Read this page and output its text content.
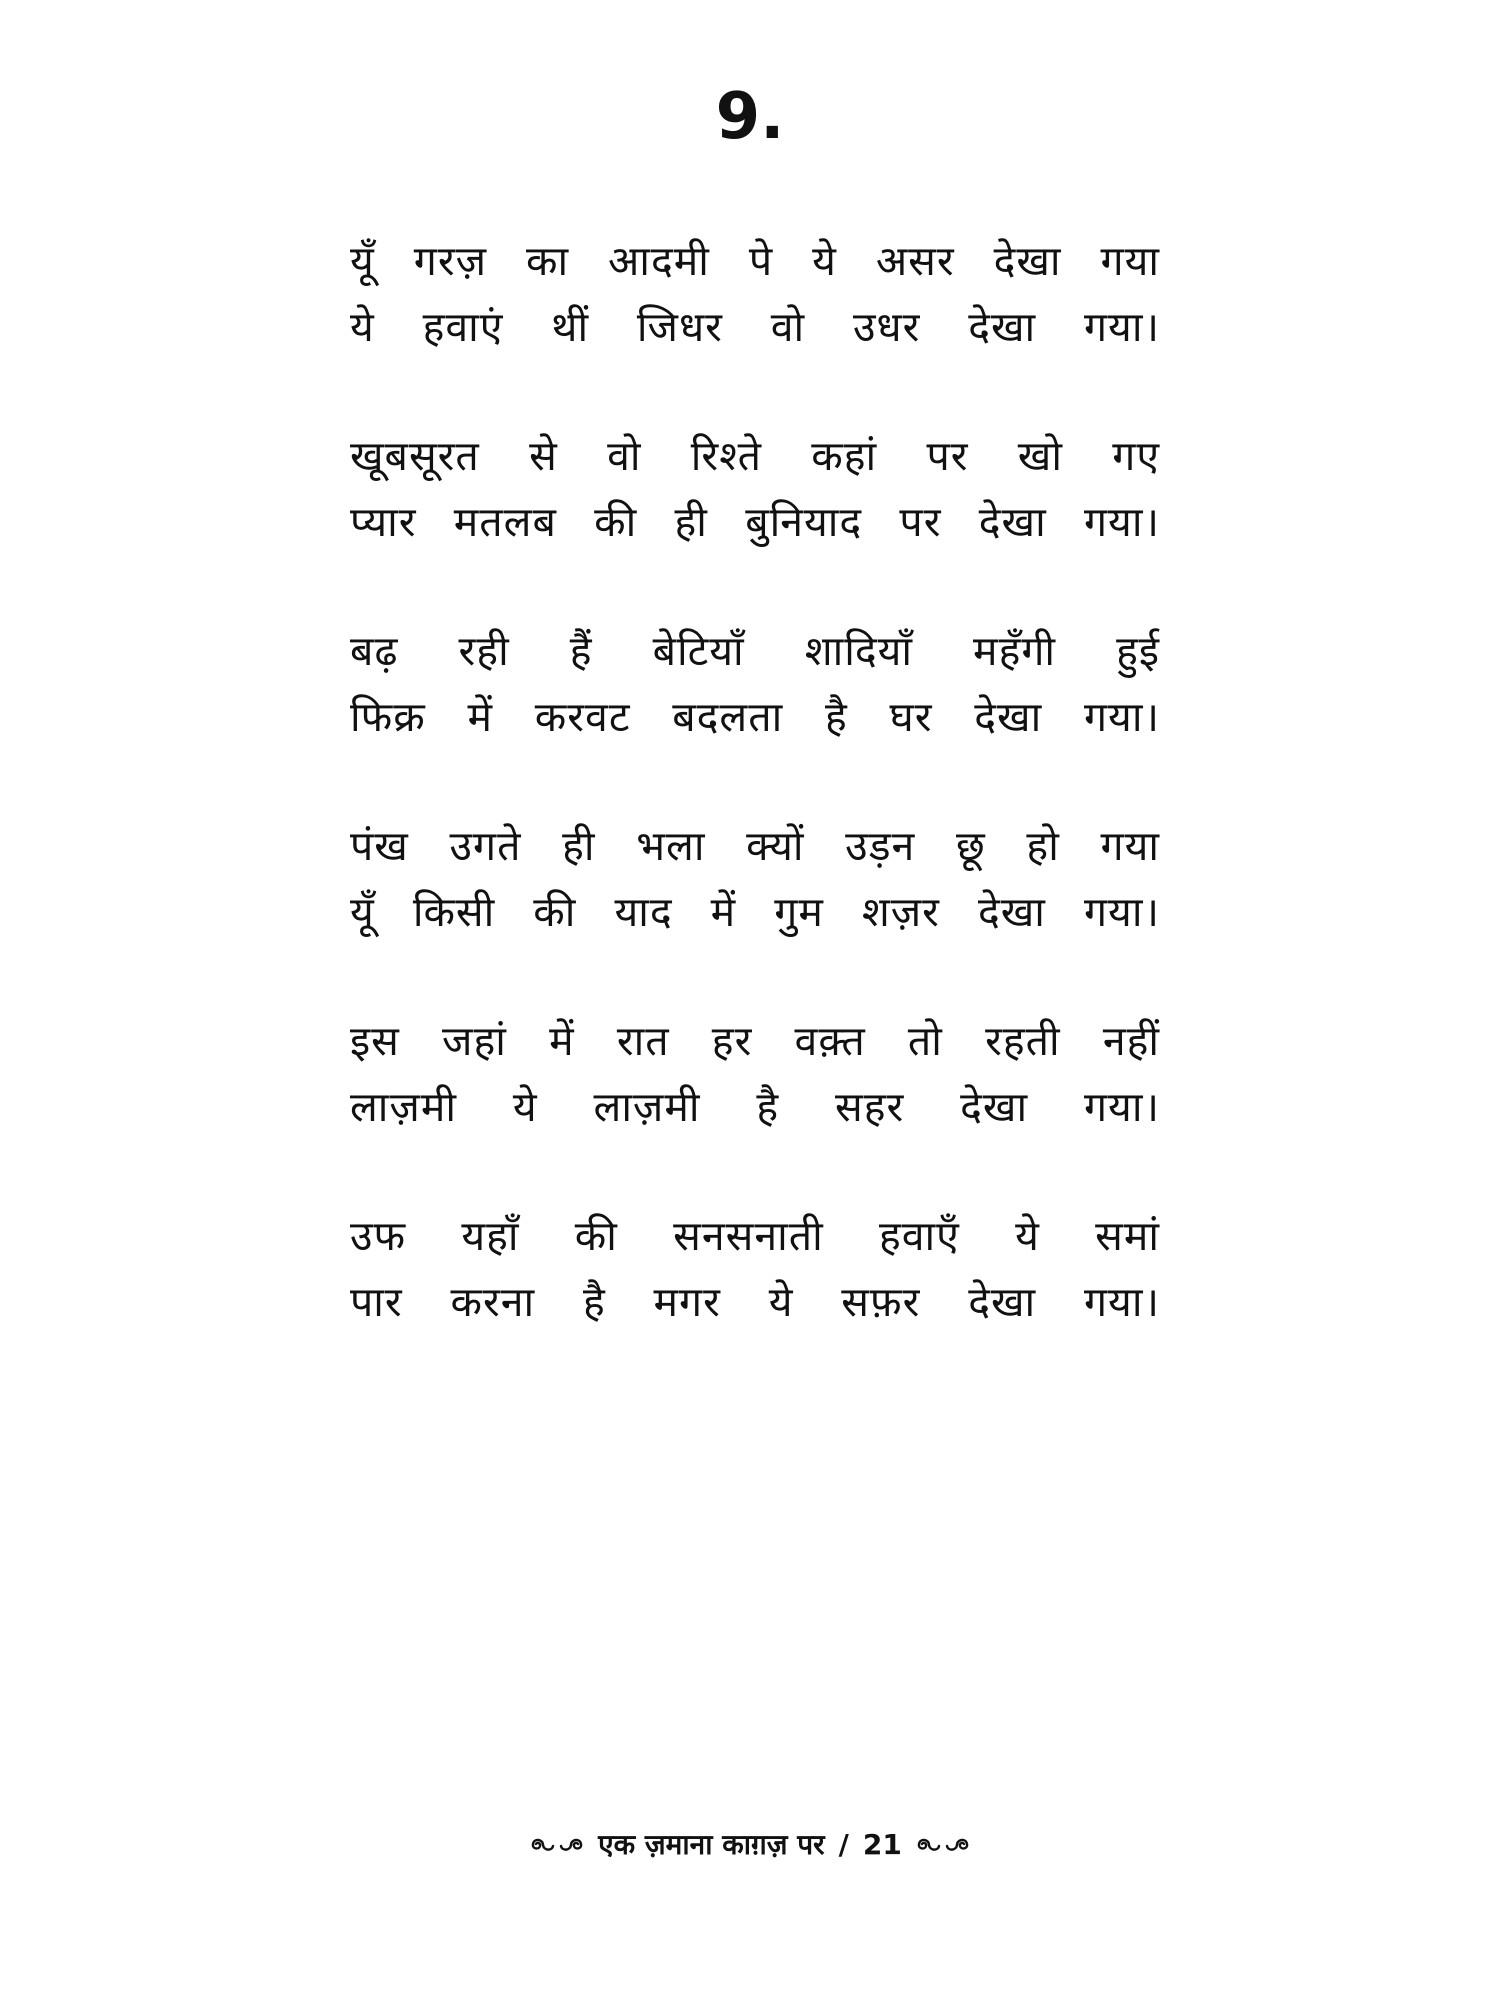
9.
यूँ गरज़ का आदमी पे ये असर देखा गया
ये हवाएं थीं जिधर वो उधर देखा गया।
खूबसूरत से वो रिश्ते कहां पर खो गए
प्यार मतलब की ही बुनियाद पर देखा गया।
बढ़ रही हैं बेटियाँ शादियाँ महँगी हुई
फिक्र में करवट बदलता है घर देखा गया।
पंख उगते ही भला क्यों उड़न छू हो गया
यूँ किसी की याद में गुम शज़र देखा गया।
इस जहां में रात हर वक़्त तो रहती नहीं
लाज़मी ये लाज़मी है सहर देखा गया।
उफ यहाँ की सनसनाती हवाएँ ये समां
पार करना है मगर ये सफ़र देखा गया।
एक ज़माना काग़ज़ पर / 21
